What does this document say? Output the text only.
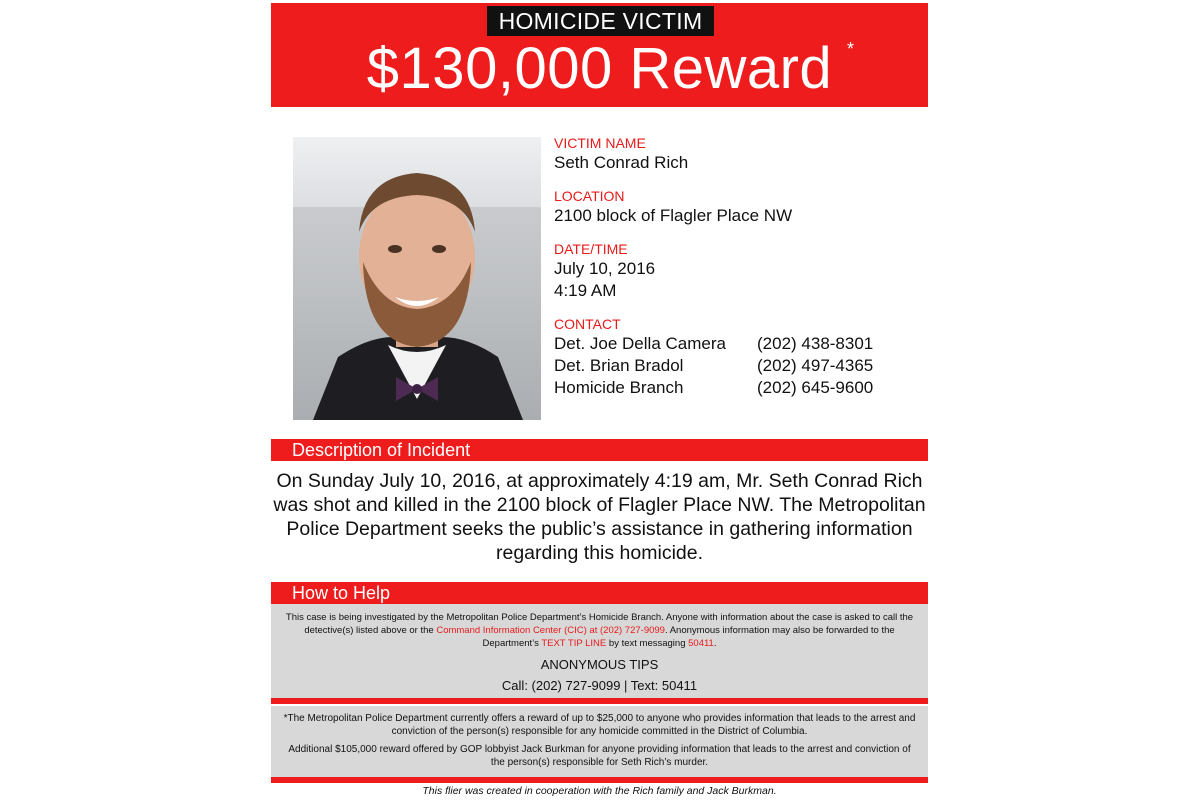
HOMICIDE VICTIM
$130,000 Reward *

VICTIM NAME

Seth Conrad Rich

LOCATION

2100 block of Flagler Place NW

DATE/TIME

July 10, 2016

4:19 AM

CONTACT

Det. Joe Della Camera	(202) 438-8301
Det. Brian Bradol	(202) 497-4365
Homicide Branch	(202) 645-9600
Description of Incident
On Sunday July 10, 2016, at approximately 4:19 am, Mr. Seth Conrad Rich was shot and killed in the 2100 block of Flagler Place NW. The Metropolitan Police Department seeks the public’s assistance in gathering information regarding this homicide.
How to Help
This case is being investigated by the Metropolitan Police Department’s Homicide Branch. Anyone with information about the case is asked to call the detective(s) listed above or the Command Information Center (CIC) at (202) 727-9099. Anonymous information may also be forwarded to the Department’s TEXT TIP LINE by text messaging 50411.
ANONYMOUS TIPS
Call: (202) 727-9099 | Text: 50411

*The Metropolitan Police Department currently offers a reward of up to $25,000 to anyone who provides information that leads to the arrest and conviction of the person(s) responsible for any homicide committed in the District of Columbia.

Additional $105,000 reward offered by GOP lobbyist Jack Burkman for anyone providing information that leads to the arrest and conviction of the person(s) responsible for Seth Rich’s murder.

This flier was created in cooperation with the Rich family and Jack Burkman.
